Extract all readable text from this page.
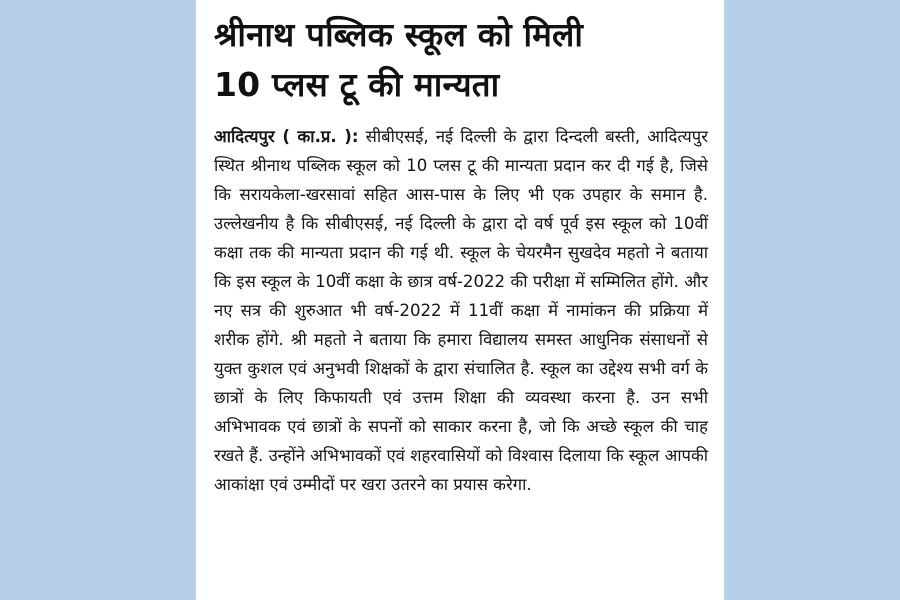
श्रीनाथ पब्लिक स्कूल को मिली
10 प्लस टू की मान्यता

आदित्यपुर ( का.प्र. ): सीबीएसई, नई दिल्ली के द्वारा दिन्दली बस्ती, आदित्यपुर स्थित श्रीनाथ पब्लिक स्कूल को 10 प्लस टू की मान्यता प्रदान कर दी गई है, जिसे कि सरायकेला-खरसावां सहित आस-पास के लिए भी एक उपहार के समान है. उल्लेखनीय है कि सीबीएसई, नई दिल्ली के द्वारा दो वर्ष पूर्व इस स्कूल को 10वीं कक्षा तक की मान्यता प्रदान की गई थी. स्कूल के चेयरमैन सुखदेव महतो ने बताया कि इस स्कूल के 10वीं कक्षा के छात्र वर्ष-2022 की परीक्षा में सम्मिलित होंगे. और नए सत्र की शुरुआत भी वर्ष-2022 में 11वीं कक्षा में नामांकन की प्रक्रिया में शरीक होंगे. श्री महतो ने बताया कि हमारा विद्यालय समस्त आधुनिक संसाधनों से युक्त कुशल एवं अनुभवी शिक्षकों के द्वारा संचालित है. स्कूल का उद्देश्य सभी वर्ग के छात्रों के लिए किफायती एवं उत्तम शिक्षा की व्यवस्था करना है. उन सभी अभिभावक एवं छात्रों के सपनों को साकार करना है, जो कि अच्छे स्कूल की चाह रखते हैं. उन्होंने अभिभावकों एवं शहरवासियों को विश्वास दिलाया कि स्कूल आपकी आकांक्षा एवं उम्मीदों पर खरा उतरने का प्रयास करेगा.
